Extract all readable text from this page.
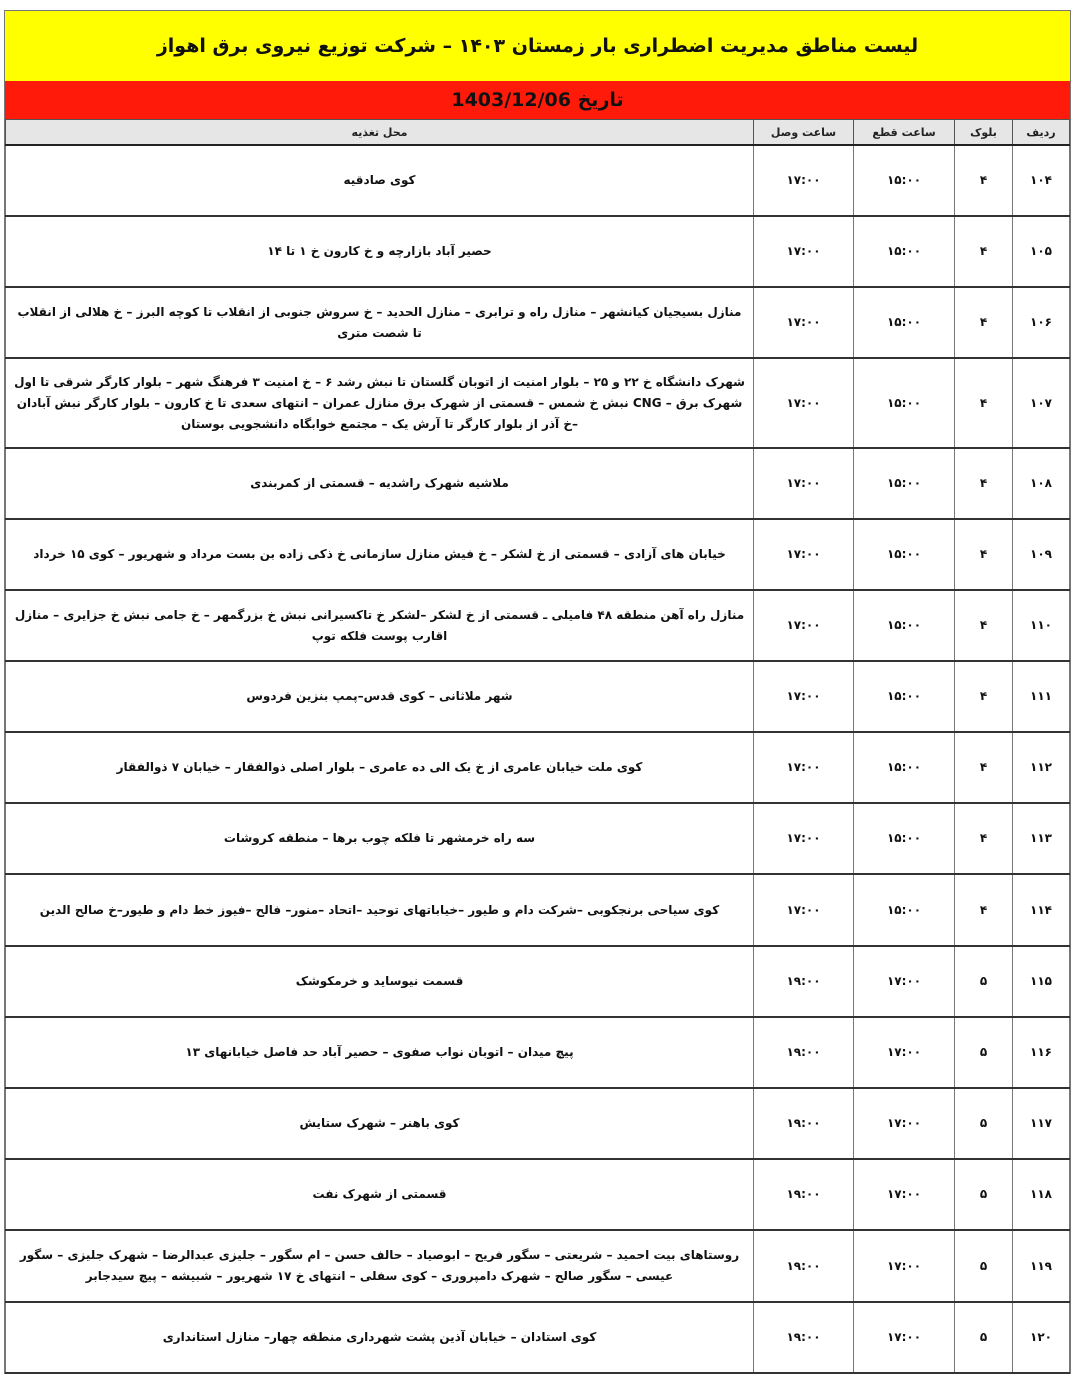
لیست مناطق مدیریت اضطراری بار زمستان ۱۴۰۳ – شرکت توزیع نیروی برق اهواز
تاریخ 1403/12/06
ردیف	بلوک	ساعت قطع	ساعت وصل	محل تغذیه
۱۰۴	۴	۱۵:۰۰	۱۷:۰۰	کوی صادقیه
۱۰۵	۴	۱۵:۰۰	۱۷:۰۰	حصیر آباد بازارچه و خ کارون خ ۱ تا ۱۴
۱۰۶	۴	۱۵:۰۰	۱۷:۰۰	منازل بسیجیان کیانشهر – منازل راه و ترابری – منازل الحدید – خ سروش جنوبی از انقلاب تا کوچه البرز – خ هلالی از انقلاب تا شصت متری
۱۰۷	۴	۱۵:۰۰	۱۷:۰۰	شهرک دانشگاه خ ۲۲ و ۲۵ – بلوار امنیت از اتوبان گلستان تا نبش رشد ۶ – خ امنیت ۳ فرهنگ شهر – بلوار کارگر شرقی تا اول شهرک برق – CNG نبش خ شمس – قسمتی از شهرک برق منازل عمران – انتهای سعدی تا خ کارون – بلوار کارگر نبش آبادان –خ آذر از بلوار کارگر تا آرش یک – مجتمع خوابگاه دانشجویی بوستان
۱۰۸	۴	۱۵:۰۰	۱۷:۰۰	ملاشیه شهرک راشدیه – قسمتی از کمربندی
۱۰۹	۴	۱۵:۰۰	۱۷:۰۰	خیابان های آزادی – قسمتی از خ لشکر – خ فیش منازل سازمانی خ ذکی زاده بن بست مرداد و شهریور – کوی ۱۵ خرداد
۱۱۰	۴	۱۵:۰۰	۱۷:۰۰	منازل راه آهن منطقه ۴۸ فامیلی ـ قسمتی از خ لشکر –لشکر خ تاکسیرانی نبش خ بزرگمهر – خ جامی نبش خ جزایری – منازل اقارب پوست فلکه توپ
۱۱۱	۴	۱۵:۰۰	۱۷:۰۰	شهر ملاثانی – کوی قدس–پمپ بنزین فردوس
۱۱۲	۴	۱۵:۰۰	۱۷:۰۰	کوی ملت خیابان عامری از خ یک الی ده عامری – بلوار اصلی ذوالفقار – خیابان ۷ ذوالفقار
۱۱۳	۴	۱۵:۰۰	۱۷:۰۰	سه راه خرمشهر تا فلکه چوب برها – منطقه کروشات
۱۱۴	۴	۱۵:۰۰	۱۷:۰۰	کوی سیاحی برنجکوبی –شرکت دام و طیور –خیاباتهای توحید –اتحاد –منور– فالح –فیوز خط دام و طیور–خ صالح الدین
۱۱۵	۵	۱۷:۰۰	۱۹:۰۰	قسمت نیوساید و خرمکوشک
۱۱۶	۵	۱۷:۰۰	۱۹:۰۰	پیچ میدان – اتوبان نواب صفوی – حصیر آباد حد فاصل خیابانهای ۱۳
۱۱۷	۵	۱۷:۰۰	۱۹:۰۰	کوی باهنر – شهرک ستایش
۱۱۸	۵	۱۷:۰۰	۱۹:۰۰	قسمتی از شهرک نفت
۱۱۹	۵	۱۷:۰۰	۱۹:۰۰	روستاهای بیت احمید – شریعتی – سگور فریح – ابوصیاد – حالف حسن – ام سگور – جلیزی عبدالرضا – شهرک جلیزی – سگور عیسی – سگور صالح – شهرک دامپروری – کوی سفلی – انتهای خ ۱۷ شهریور – شبیشه – پیچ سیدجابر
۱۲۰	۵	۱۷:۰۰	۱۹:۰۰	کوی استادان – خیابان آذین پشت شهرداری منطقه چهار– منازل استانداری
